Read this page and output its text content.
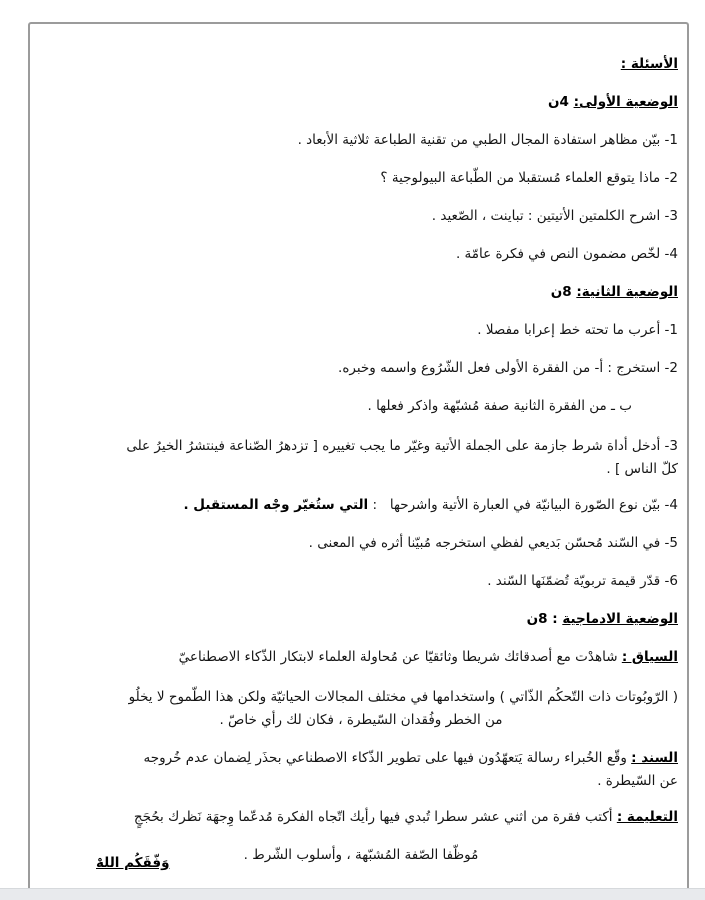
الأسئلة :
الوضعية الأولى: 4ن
1- بيّن مظاهر استفادة المجال الطبي من تقنية الطباعة ثلاثية الأبعاد .
2- ماذا يتوقع العلماء مُستقبلا من الطّباعة البيولوجية ؟
3- اشرح الكلمتين الأتيتين : تباينت ، الصّعيد .
4- لخّص مضمون النص في فكرة عامّة .
الوضعية الثانية: 8ن
1- أعرب ما تحته خط إعرابا مفصلا .
2- استخرج : أ- من الفقرة الأولى فعل الشّرُوع واسمه وخبره.
ب ـ من الفقرة الثانية صفة مُشبّهة واذكر فعلها .
3- أدخل أداة شرط جازمة على الجملة الأتية وغيّر ما يجب تغييره [ تزدهرُ الصّناعة فينتشرُ الخيرُ على
كلّ الناس ] .
4- بيّن نوع الصّورة البيانيّة في العبارة الأتية واشرحها   : التي ستُغيّر وجْه المستقبل .
5- في السّند مُحسّن بَديعي لفظي استخرجه مُبيّنا أثره في المعنى .
6- قدّر قيمة تربويّة تُضمّنَها السّند .
الوضعية الادماجية : 8ن
السياق : شاهدْت مع أصدقائك شريطا وثائقيّا عن مُحاولة العلماء لابتكار الذّكاء الاصطناعيّ
( الرّوبُوتات ذات التّحكُم الذّاتي ) واستخدامها في مختلف المجالات الحياتيّة ولكن هذا الطّموح لا يخلُو
من الخطر وفُقدان السّيطرة ، فكان لك رأي خاصّ .
السند : وقّع الخُبراء رسالة يَتعهّدُون فيها على تطوير الذّكاء الاصطناعي بحذَر لِضمان عدم خُروجه
عن السّيطرة .
التعليمة : أكتب فقرة من اثني عشر سطرا تُبدي فيها رأيك اتّجاه الفكرة مُدعّما وِجهَة نَظرك بحُجَجٍ
مُوظّفا الصّفة المُشبّهة ، وأسلوب الشّرط .
وَفّقَكُم اللهْ
